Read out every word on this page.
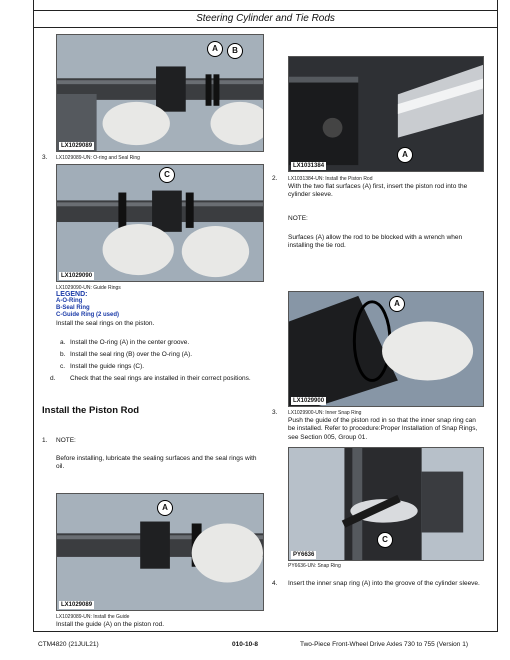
Steering Cylinder and Tie Rods
A	B
LX1029089
3. LX1029089-UN: O-ring and Seal Ring
C
LX1029090
LX1029090-UN: Guide Rings
LEGEND:
A-O-Ring
B-Seal Ring
C-Guide Ring (2 used)
Install the seal rings on the piston.
a. Install the O-ring (A) in the center groove.
b. Install the seal ring (B) over the O-ring (A).
c. Install the guide rings (C).
d. Check that the seal rings are installed in their correct positions.
Install the Piston Rod
1. NOTE:
Before installing, lubricate the sealing surfaces and the seal rings with oil.
A
LX1029089
LX1029089-UN: Install the Guide
Install the guide (A) on the piston rod.
A
LX1031384
2. LX1031384-UN: Install the Piston Rod
With the two flat surfaces (A) first, insert the piston rod into the cylinder sleeve.
NOTE:
Surfaces (A) allow the rod to be blocked with a wrench when installing the tie rod.
A
LX1029900
3. LX1029900-UN: Inner Snap Ring
Push the guide of the piston rod in so that the inner snap ring can be installed. Refer to procedure:Proper Installation of Snap Rings, see Section 005, Group 01.
C
PY6636
PY6636-UN: Snap Ring
4. Insert the inner snap ring (A) into the groove of the cylinder sleeve.
CTM4820 (21JUL21)	010-10-8	Two-Piece Front-Wheel Drive Axles 730 to 755 (Version 1)
